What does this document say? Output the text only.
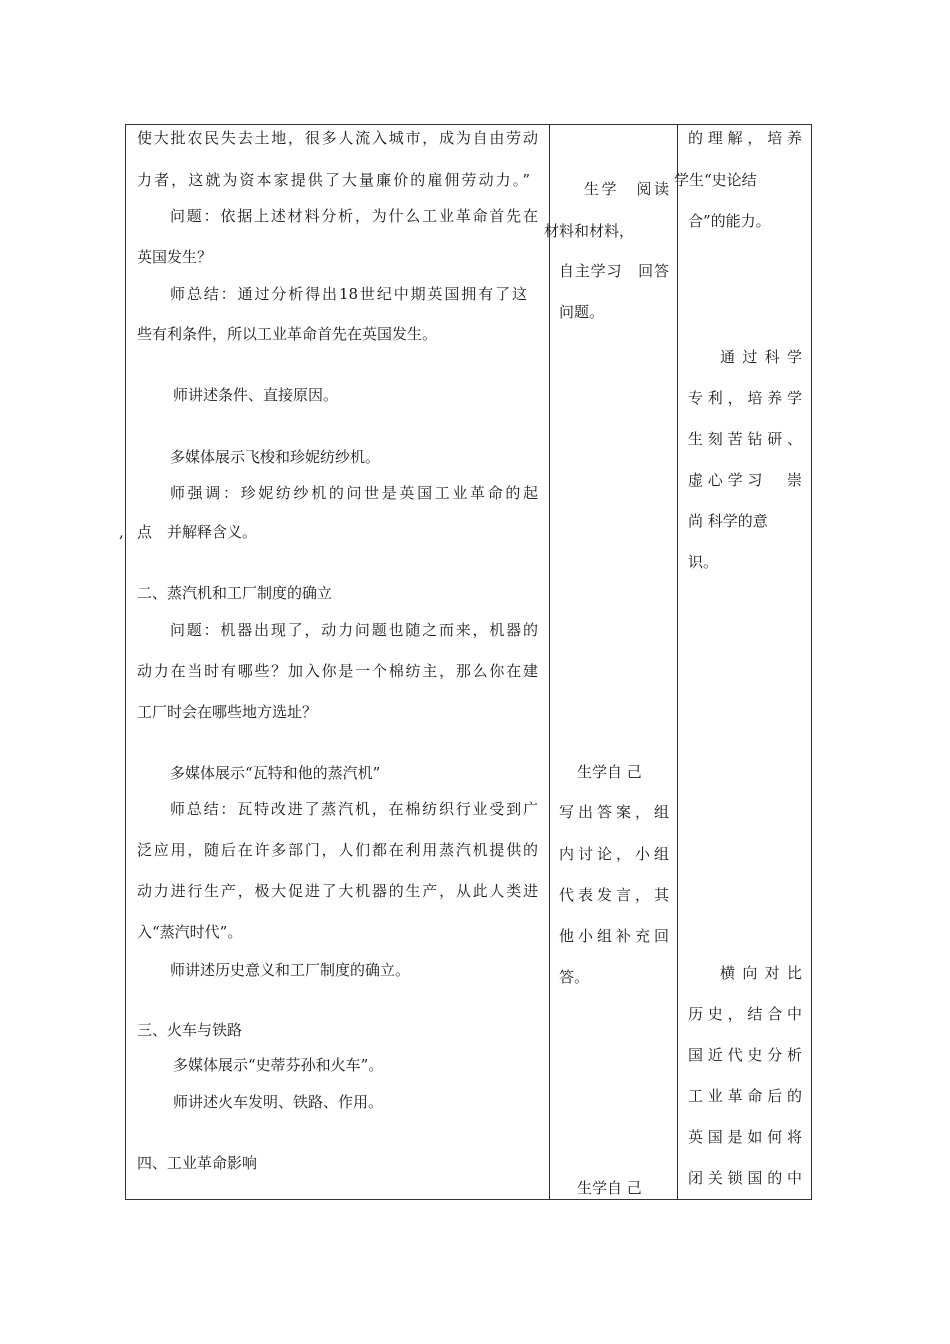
使大批农民失去土地，很多人流入城市，成为自由劳动
力者，这就为资本家提供了大量廉价的雇佣劳动力。”
问题：依据上述材料分析，为什么工业革命首先在
英国发生？
师总结：通过分析得出18世纪中期英国拥有了这
些有利条件，所以工业革命首先在英国发生。
师讲述条件、直接原因。
多媒体展示飞梭和珍妮纺纱机。
师强调：珍妮纺纱机的问世是英国工业革命的起
, 点　并解释含义。
二、蒸汽机和工厂制度的确立
问题：机器出现了，动力问题也随之而来，机器的
动力在当时有哪些？加入你是一个棉纺主，那么你在建
工厂时会在哪些地方选址？
多媒体展示“瓦特和他的蒸汽机”
师总结：瓦特改进了蒸汽机，在棉纺织行业受到广
泛应用，随后在许多部门，人们都在利用蒸汽机提供的
动力进行生产，极大促进了大机器的生产，从此人类进
入“蒸汽时代”。
师讲述历史意义和工厂制度的确立。
三、火车与铁路
多媒体展示“史蒂芬孙和火车”。
师讲述火车发明、铁路、作用。
四、工业革命影响
生学　阅读
材料和材料，
自主学习　回答
问题。
生学自 己
写出答案，组
内讨论，小组
代表发言，其
他小组补充回
答。
生学自 己
的理解，培养
学生“史论结
合”的能力。
通过科学
专利，培养学
生刻苦钻研、
虚心学习　崇
尚 科学的意
识。
横向对比
历史，结合中
国近代史分析
工业革命后的
英国是如何将
闭关锁国的中
